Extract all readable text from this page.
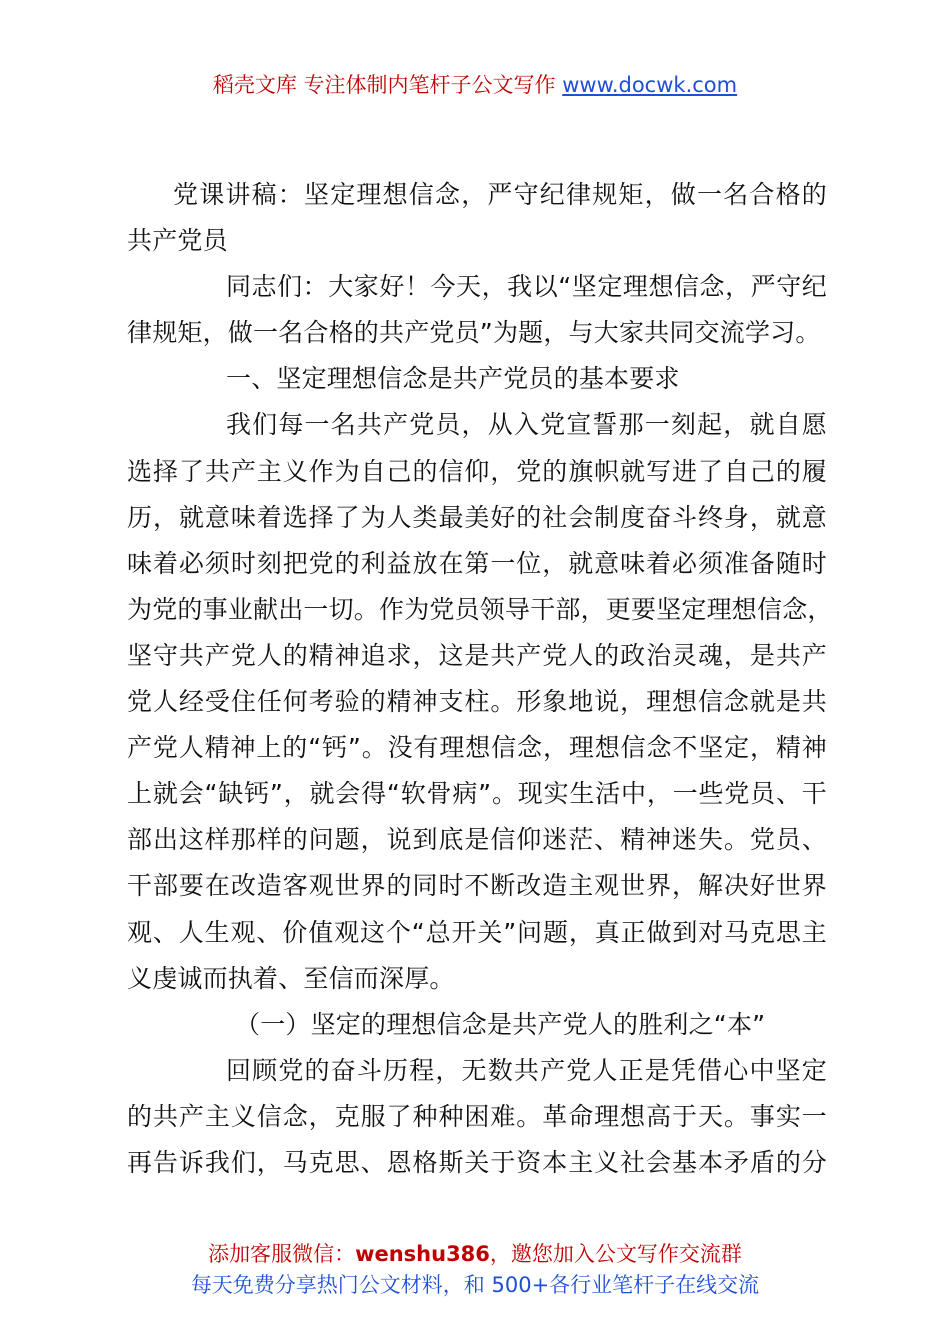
稻壳文库 专注体制内笔杆子公文写作 www.docwk.com
党课讲稿：坚定理想信念，严守纪律规矩，做一名合格的
共产党员
同志们：大家好！今天，我以“坚定理想信念，严守纪
律规矩，做一名合格的共产党员”为题，与大家共同交流学习。
一、坚定理想信念是共产党员的基本要求
我们每一名共产党员，从入党宣誓那一刻起，就自愿
选择了共产主义作为自己的信仰，党的旗帜就写进了自己的履
历，就意味着选择了为人类最美好的社会制度奋斗终身，就意
味着必须时刻把党的利益放在第一位，就意味着必须准备随时
为党的事业献出一切。作为党员领导干部，更要坚定理想信念，
坚守共产党人的精神追求，这是共产党人的政治灵魂，是共产
党人经受住任何考验的精神支柱。形象地说，理想信念就是共
产党人精神上的“钙”。没有理想信念，理想信念不坚定，精神
上就会“缺钙”，就会得“软骨病”。现实生活中，一些党员、干
部出这样那样的问题，说到底是信仰迷茫、精神迷失。党员、
干部要在改造客观世界的同时不断改造主观世界，解决好世界
观、人生观、价值观这个“总开关”问题，真正做到对马克思主
义虔诚而执着、至信而深厚。
（一）坚定的理想信念是共产党人的胜利之“本”
回顾党的奋斗历程，无数共产党人正是凭借心中坚定
的共产主义信念，克服了种种困难。革命理想高于天。事实一
再告诉我们，马克思、恩格斯关于资本主义社会基本矛盾的分
添加客服微信：wenshu386，邀您加入公文写作交流群
每天免费分享热门公文材料，和 500+各行业笔杆子在线交流
